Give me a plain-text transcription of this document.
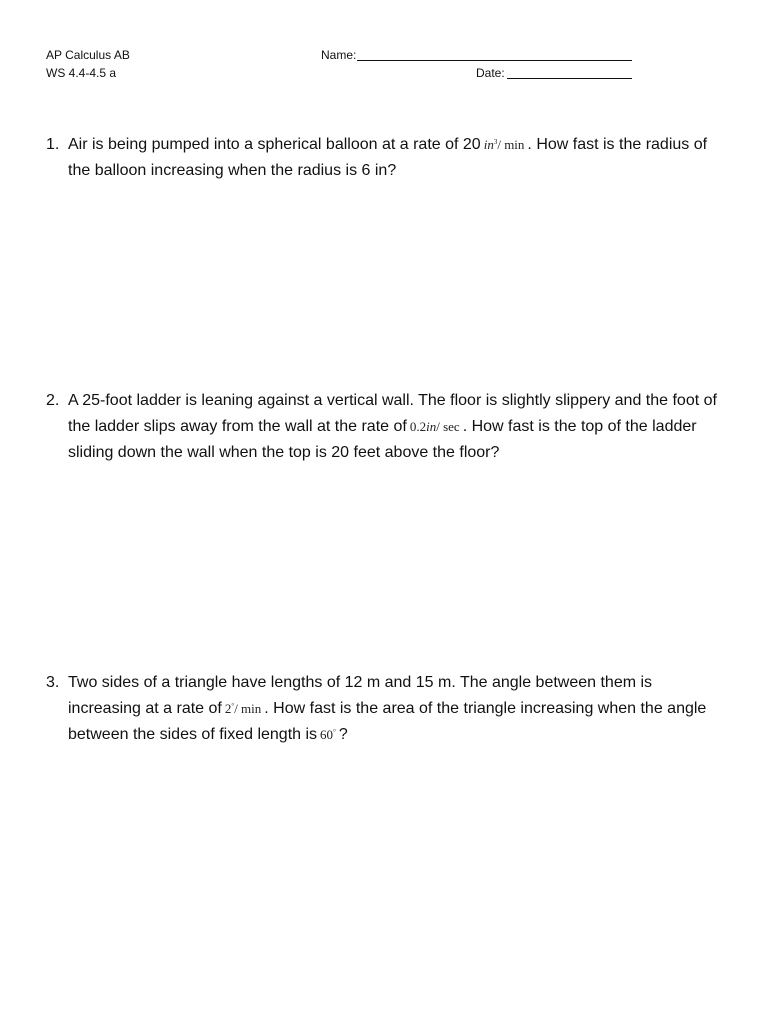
AP Calculus AB
WS 4.4-4.5 a
Name:
Date:
1. Air is being pumped into a spherical balloon at a rate of 20 $in^3/$ min . How fast is the radius of the balloon increasing when the radius is 6 in?
2. A 25-foot ladder is leaning against a vertical wall. The floor is slightly slippery and the foot of the ladder slips away from the wall at the rate of 0.2in/ sec . How fast is the top of the ladder sliding down the wall when the top is 20 feet above the floor?
3. Two sides of a triangle have lengths of 12 m and 15 m. The angle between them is increasing at a rate of 2°/ min . How fast is the area of the triangle increasing when the angle between the sides of fixed length is 60° ?
